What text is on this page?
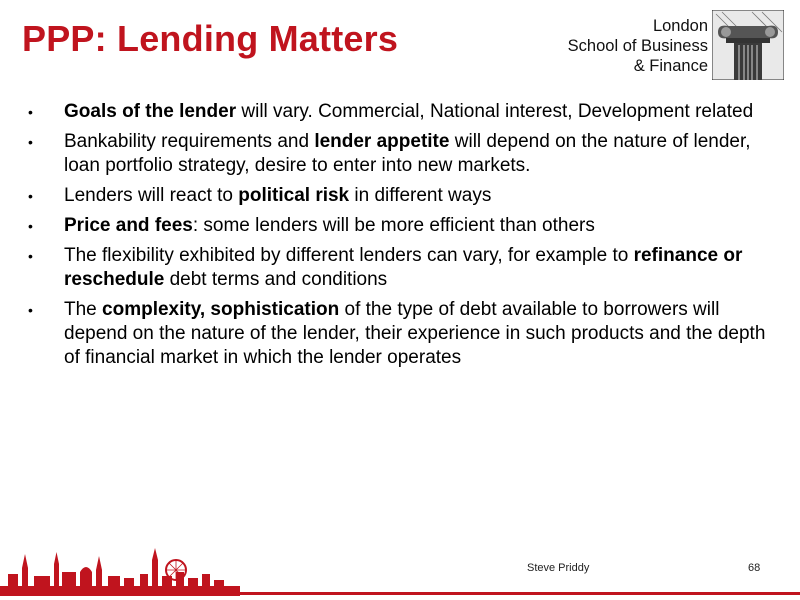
PPP: Lending Matters	London
School of Business
& Finance
• Goals of the lender will vary. Commercial, National interest, Development related
• Bankability requirements and lender appetite will depend on the nature of lender, loan portfolio strategy, desire to enter into new markets.
• Lenders will react to political risk in different ways
• Price and fees: some lenders will be more efficient than others
• The flexibility exhibited by different lenders can vary, for example to refinance or reschedule debt terms and conditions
• The complexity, sophistication of the type of debt available to borrowers will depend on the nature of the lender, their experience in such products and the depth of financial market in which the lender operates
Steve Priddy	68
